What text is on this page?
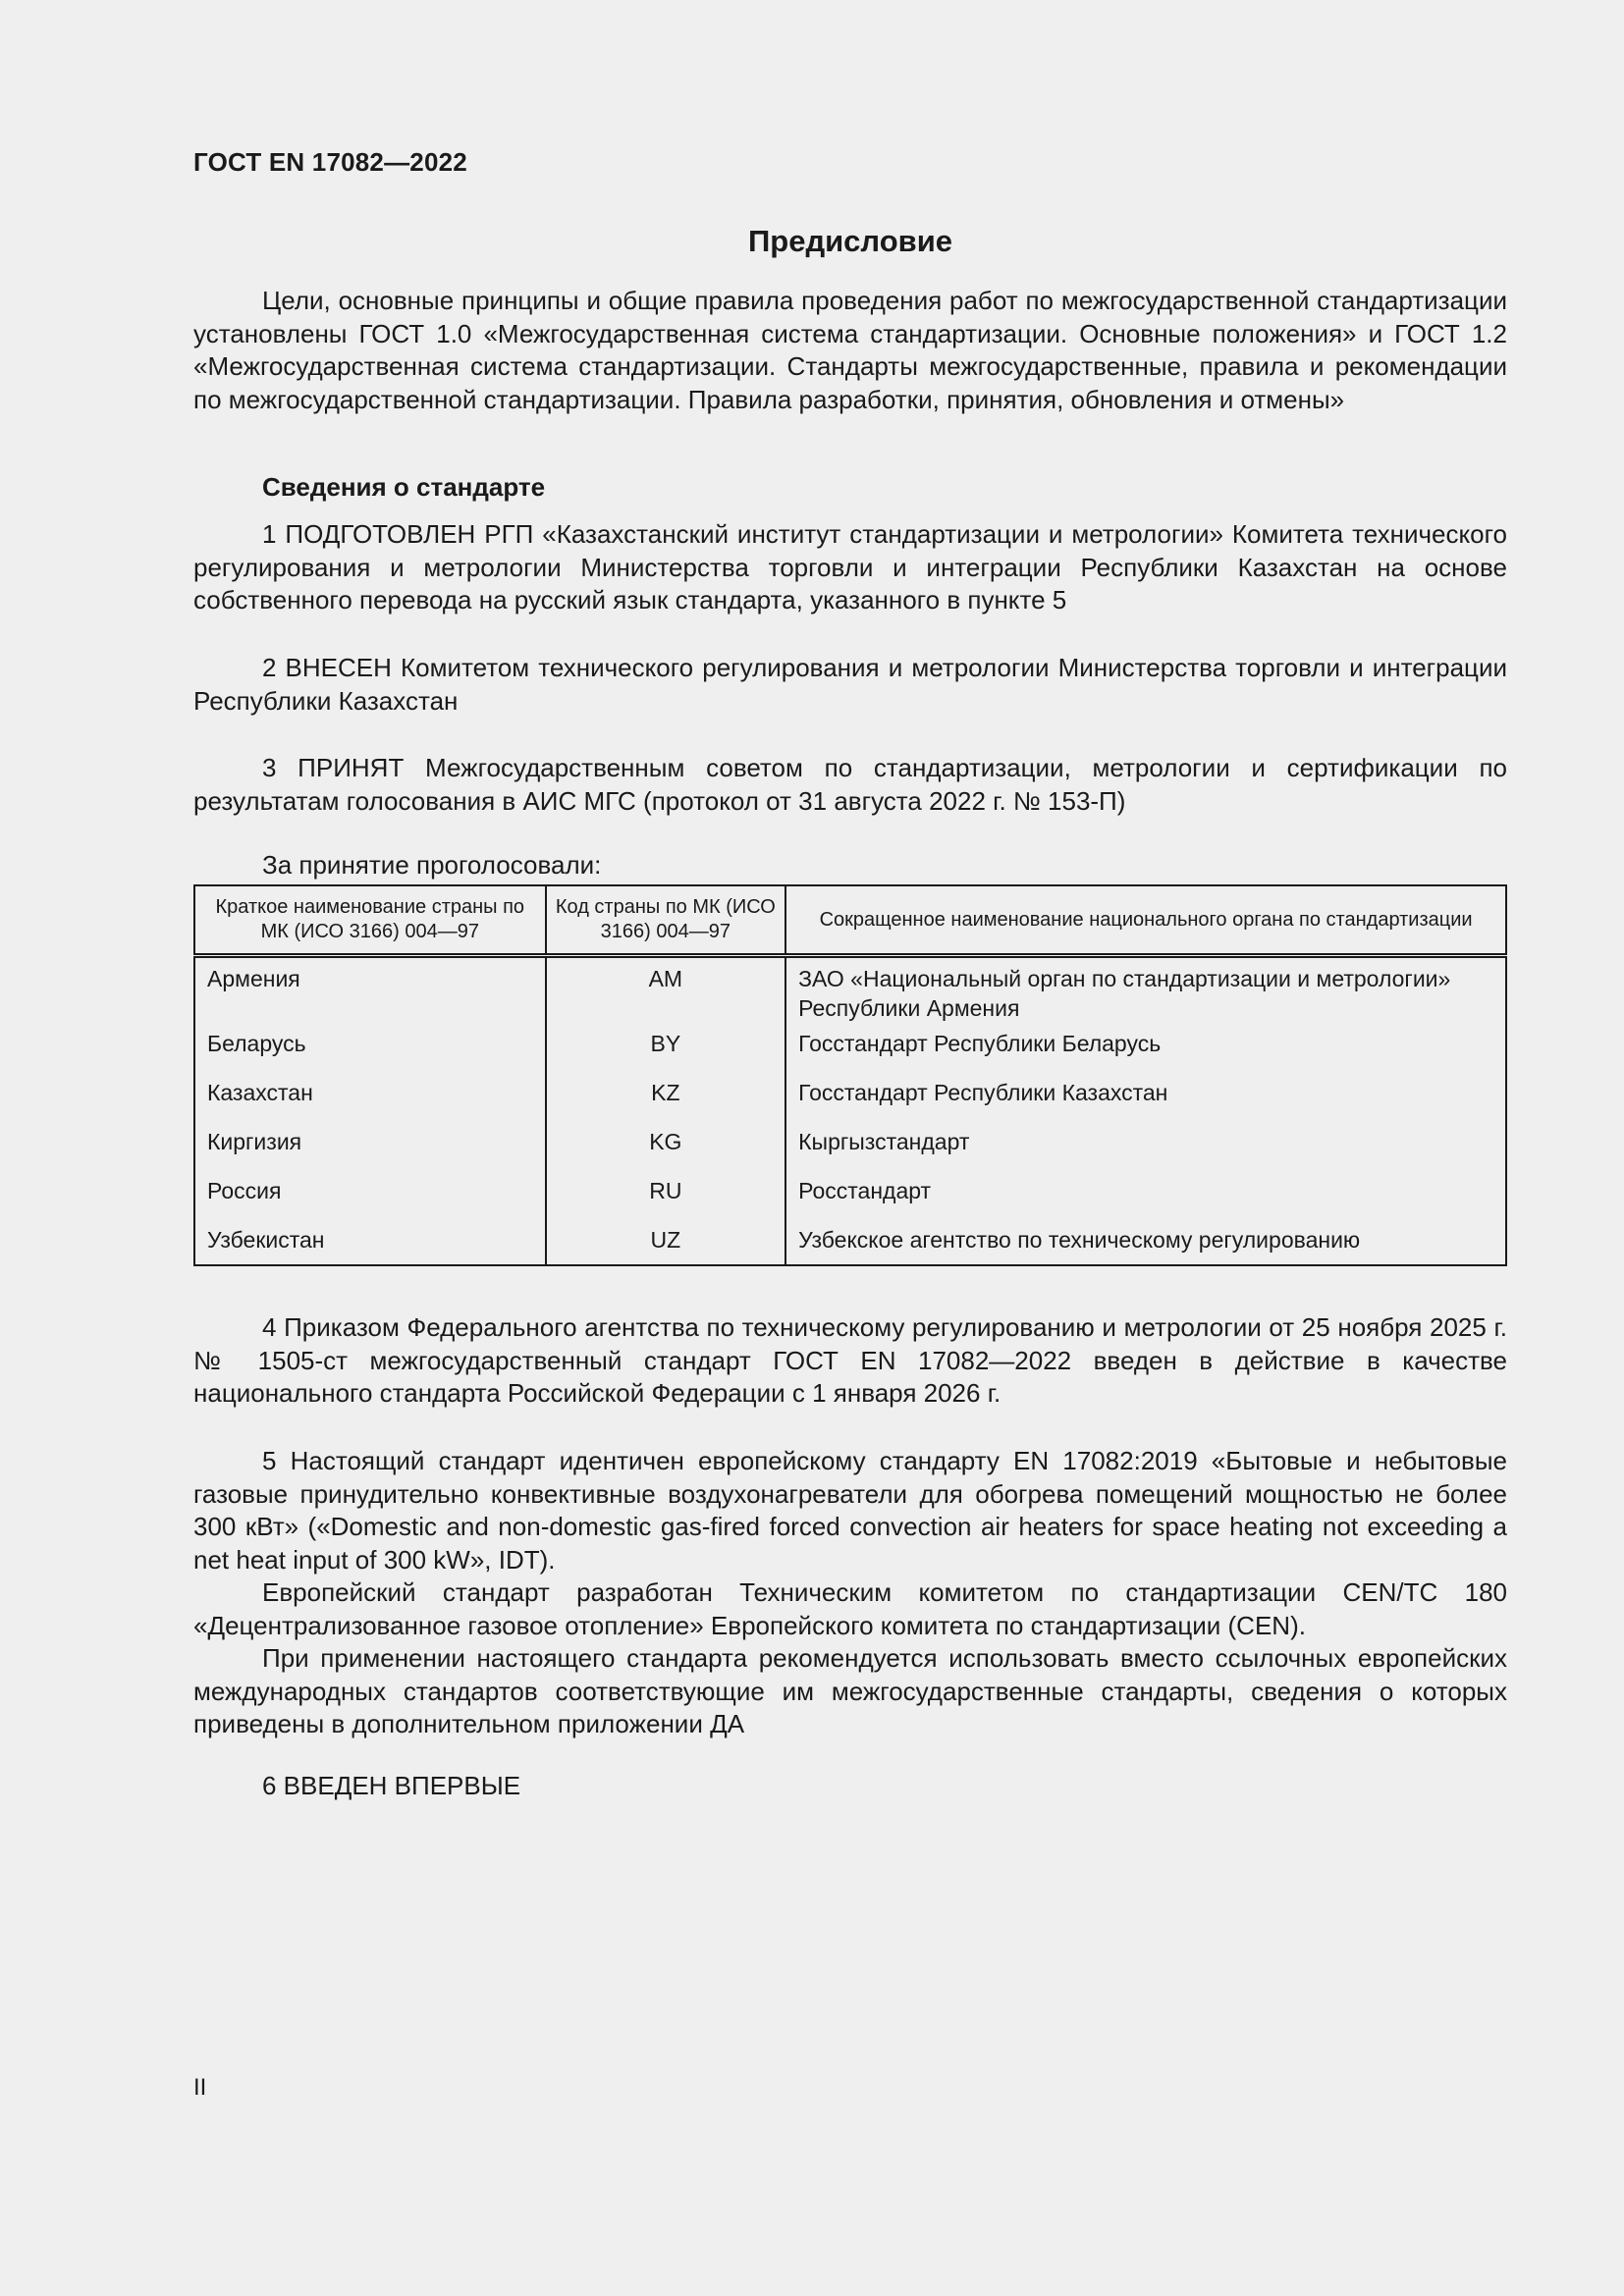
ГОСТ EN 17082—2022
Предисловие

Цели, основные принципы и общие правила проведения работ по межгосударственной стандартизации установлены ГОСТ 1.0 «Межгосударственная система стандартизации. Основные положения» и ГОСТ 1.2 «Межгосударственная система стандартизации. Стандарты межгосударственные, правила и рекомендации по межгосударственной стандартизации. Правила разработки, принятия, обновления и отмены»

Сведения о стандарте

1 ПОДГОТОВЛЕН РГП «Казахстанский институт стандартизации и метрологии» Комитета технического регулирования и метрологии Министерства торговли и интеграции Республики Казахстан на основе собственного перевода на русский язык стандарта, указанного в пункте 5

2 ВНЕСЕН Комитетом технического регулирования и метрологии Министерства торговли и интеграции Республики Казахстан

3 ПРИНЯТ Межгосударственным советом по стандартизации, метрологии и сертификации по результатам голосования в АИС МГС (протокол от 31 августа 2022 г. № 153-П)

За принятие проголосовали:
Краткое наименование страны по МК (ИСО 3166) 004—97	Код страны по МК (ИСО 3166) 004—97	Сокращенное наименование национального органа по стандартизации
Армения	AM	ЗАО «Национальный орган по стандартизации и метрологии» Республики Армения
Беларусь	BY	Госстандарт Республики Беларусь
Казахстан	KZ	Госстандарт Республики Казахстан
Киргизия	KG	Кыргызстандарт
Россия	RU	Росстандарт
Узбекистан	UZ	Узбекское агентство по техническому регулированию

4 Приказом Федерального агентства по техническому регулированию и метрологии от 25 ноября 2025 г. № 1505-ст межгосударственный стандарт ГОСТ EN 17082—2022 введен в действие в качестве национального стандарта Российской Федерации с 1 января 2026 г.

5 Настоящий стандарт идентичен европейскому стандарту EN 17082:2019 «Бытовые и небытовые газовые принудительно конвективные воздухонагреватели для обогрева помещений мощностью не более 300 кВт» («Domestic and non-domestic gas-fired forced convection air heaters for space heating not exceeding a net heat input of 300 kW», IDT).

Европейский стандарт разработан Техническим комитетом по стандартизации CEN/TC 180 «Децентрализованное газовое отопление» Европейского комитета по стандартизации (CEN).

При применении настоящего стандарта рекомендуется использовать вместо ссылочных европейских международных стандартов соответствующие им межгосударственные стандарты, сведения о которых приведены в дополнительном приложении ДА

6 ВВЕДЕН ВПЕРВЫЕ

II
